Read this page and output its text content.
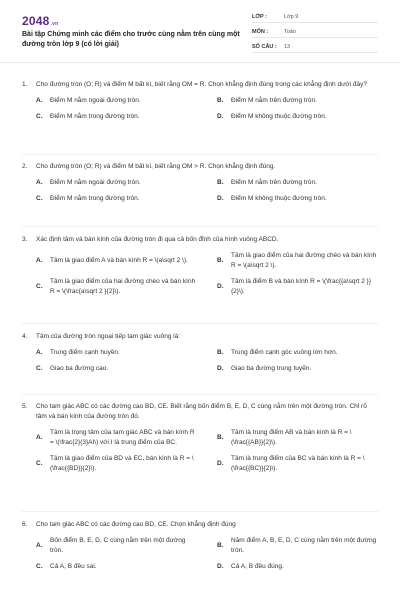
2048.vn
Bài tập Chứng minh các điểm cho trước cùng nằm trên cùng một đường tròn lớp 9 (có lời giải)
LỚP :	Lớp 9
MÔN :	Toán
SỐ CÂU :	13
1.	Cho đường tròn (O; R) và điểm M bất kì, biết rằng OM = R. Chọn khẳng định đúng trong các khẳng định dưới đây?
A.	Điểm M nằm ngoài đường tròn.	B.	Điểm M nằm trên đường tròn.
C.	Điểm M nằm trong đường tròn.	D.	Điểm M không thuộc đường tròn.
2.	Cho đường tròn (O; R) và điểm M bất kì, biết rằng OM > R. Chọn khẳng định đúng.
A.	Điểm M nằm ngoài đường tròn.	B.	Điểm M nằm trên đường tròn.
C.	Điểm M nằm trong đường tròn.	D.	Điểm M không thuộc đường tròn.
3.	Xác định tâm và bán kính của đường tròn đi qua cả bốn đỉnh của hình vuông ABCD.
A.	Tâm là giao điểm A và bán kính R = \(a\sqrt 2 \).	B.
Tâm là giao điểm của hai đường chéo và bán kính R = \(a\sqrt 2 \).
C.
Tâm là giao điểm của hai đường chéo và bán kính R = \(\frac{a\sqrt 2 }{2}\).
D.
Tâm là điểm B và bán kính R = \(\frac{{a\sqrt 2 }}{2}\).
4.	Tâm của đường tròn ngoại tiếp tam giác vuông là:
A.	Trung điểm cạnh huyền.	B.	Trung điểm cạnh góc vuông lớn hơn.
C.	Giao ba đường cao.	D.	Giao ba đường trung tuyến.
5.	Cho tam giác ABC có các đường cao BD, CE. Biết rằng bốn điểm B, E, D, C cùng nằm trên một đường tròn. Chỉ rõ tâm và bán kính của đường tròn đó.
A.
Tâm là trọng tâm của tam giác ABC và bán kính R = \(\frac{2}{3}AI\) với I là trung điểm của BC.
B.
Tâm là trung điểm AB và bán kính là R = \(\frac{{AB}}{2}\).
C.
Tâm là giao điểm của BD và EC, bán kính là R = \(\frac{{BD}}{2}\).
D.
Tâm là trung điểm của BC và bán kính là R = \(\frac{{BC}}{2}\).
6.	Cho tam giác ABC có các đường cao BD, CE. Chọn khẳng định đúng
A.
Bốn điểm B, E, D, C cùng nằm trên một đường tròn.
B.
Năm điểm A, B, E, D, C cùng nằm trên một đường tròn.
C.	Cả A, B đều sai.	D.	Cả A, B đều đúng.
